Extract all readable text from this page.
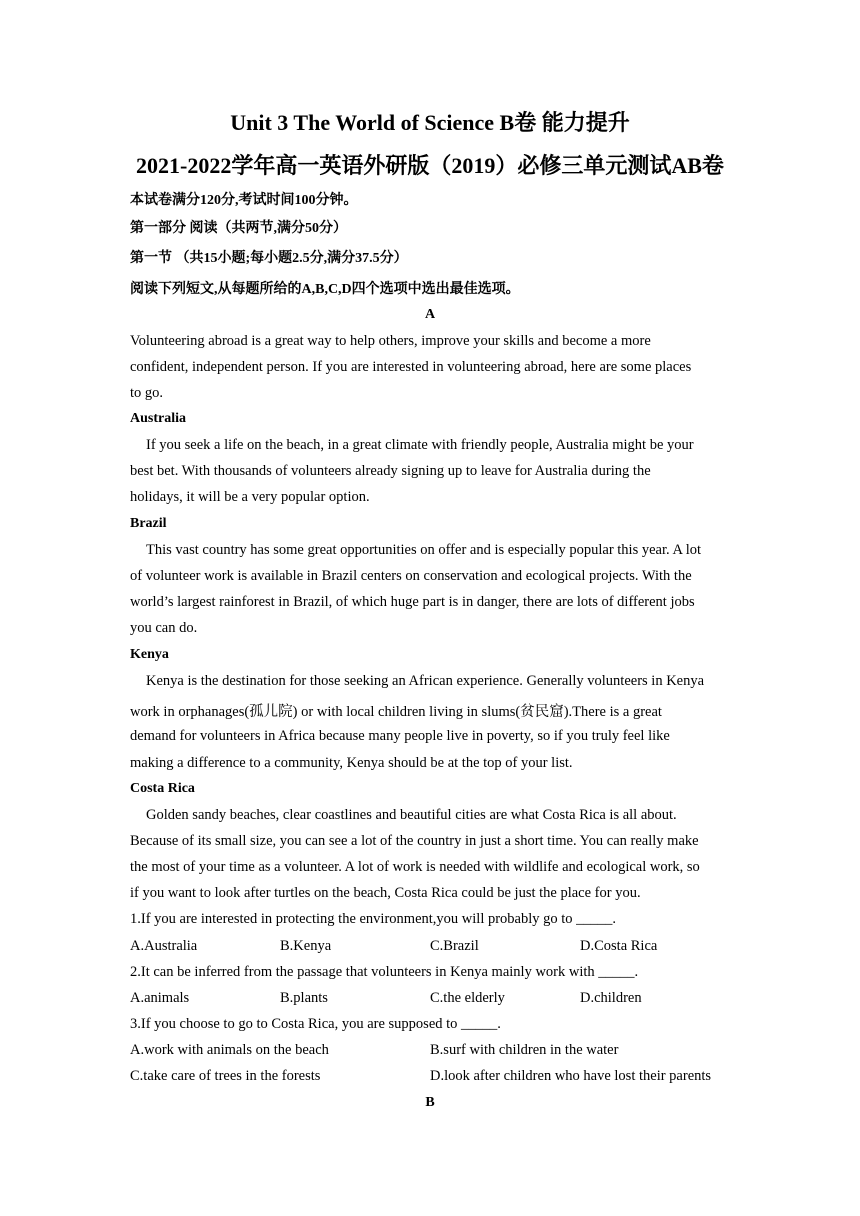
Unit 3 The World of Science B卷 能力提升
2021-2022学年高一英语外研版（2019）必修三单元测试AB卷
本试卷满分120分,考试时间100分钟。
第一部分 阅读（共两节,满分50分）
第一节 （共15小题;每小题2.5分,满分37.5分）
阅读下列短文,从每题所给的A,B,C,D四个选项中选出最佳选项。
A
Volunteering abroad is a great way to help others, improve your skills and become a more
confident, independent person. If you are interested in volunteering abroad, here are some places
to go.
Australia
If you seek a life on the beach, in a great climate with friendly people, Australia might be your
best bet. With thousands of volunteers already signing up to leave for Australia during the
holidays, it will be a very popular option.
Brazil
This vast country has some great opportunities on offer and is especially popular this year. A lot
of volunteer work is available in Brazil centers on conservation and ecological projects. With the
world’s largest rainforest in Brazil, of which huge part is in danger, there are lots of different jobs
you can do.
Kenya
Kenya is the destination for those seeking an African experience. Generally volunteers in Kenya
work in orphanages(孤儿院) or with local children living in slums(贫民窟).There is a great
demand for volunteers in Africa because many people live in poverty, so if you truly feel like
making a difference to a community, Kenya should be at the top of your list.
Costa Rica
Golden sandy beaches, clear coastlines and beautiful cities are what Costa Rica is all about.
Because of its small size, you can see a lot of the country in just a short time. You can really make
the most of your time as a volunteer. A lot of work is needed with wildlife and ecological work, so
if you want to look after turtles on the beach, Costa Rica could be just the place for you.
1.If you are interested in protecting the environment,you will probably go to _____.
A.Australia	B.Kenya	C.Brazil	D.Costa Rica
2.It can be inferred from the passage that volunteers in Kenya mainly work with _____.
A.animals	B.plants	C.the elderly	D.children
3.If you choose to go to Costa Rica, you are supposed to _____.
A.work with animals on the beach	B.surf with children in the water
C.take care of trees in the forests	D.look after children who have lost their parents
B
